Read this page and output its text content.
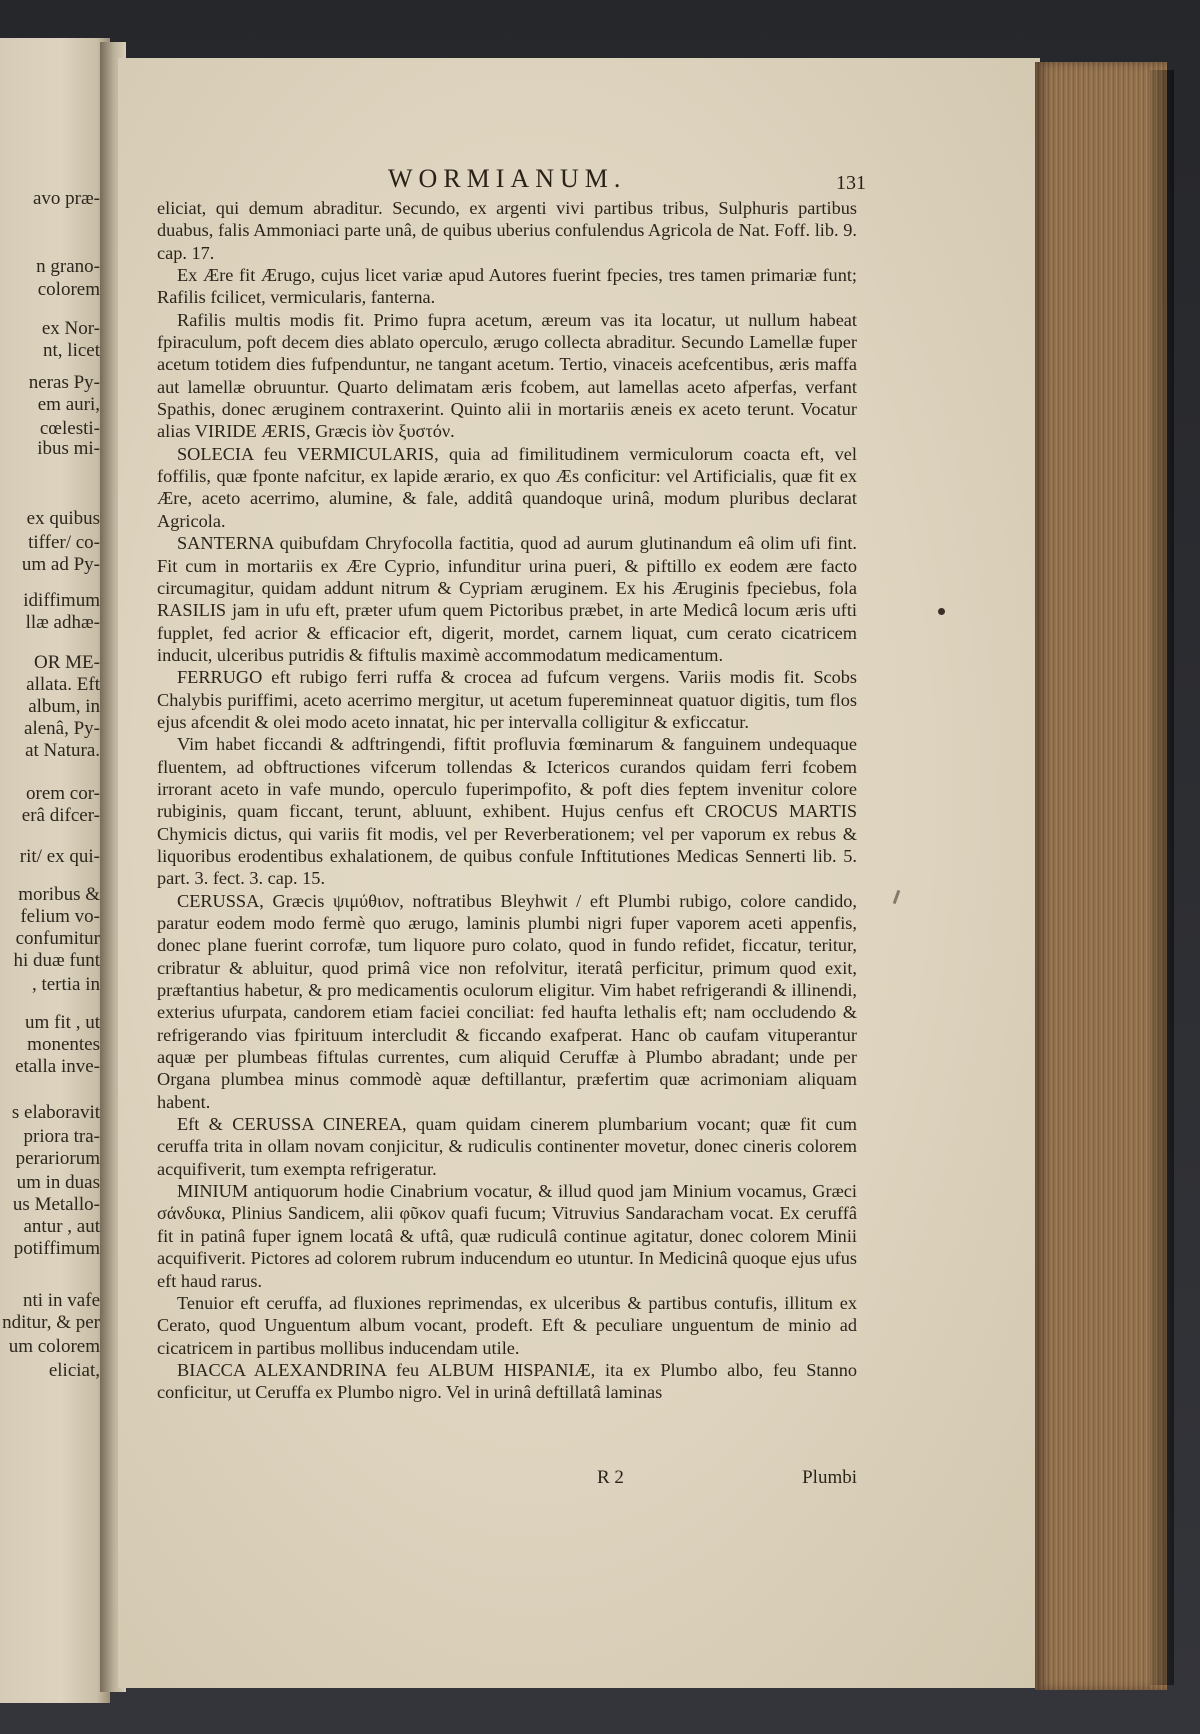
avo præ-
n grano-
colorem
ex Nor-
nt, licet
neras Py-
em auri,
cœlesti-
ibus mi-
ex quibus
tiffer/ co-
um ad Py-
idiffimum
llæ adhæ-
OR ME-
allata. Eft
album, in
alenâ, Py-
at Natura.
orem cor-
erâ difcer-
rit/ ex qui-
moribus &
felium vo-
confumitur
hi duæ funt
, tertia in
um fit , ut
monentes
etalla inve-
s elaboravit
priora tra-
perariorum
um in duas
us Metallo-
antur , aut
potiffimum
nti in vafe
nditur, & per
um colorem
eliciat,
WORMIANUM.	131

eliciat, qui demum abraditur. Secundo, ex argenti vivi partibus tribus, Sulphuris partibus duabus, falis Ammoniaci parte unâ, de quibus uberius confulendus Agricola de Nat. Foff. lib. 9. cap. 17.

Ex Ære fit Ærugo, cujus licet variæ apud Autores fuerint fpecies, tres tamen primariæ funt; Rafilis fcilicet, vermicularis, fanterna.

Rafilis multis modis fit. Primo fupra acetum, æreum vas ita locatur, ut nullum habeat fpiraculum, poft decem dies ablato operculo, ærugo collecta abraditur. Secundo Lamellæ fuper acetum totidem dies fufpenduntur, ne tangant acetum. Tertio, vinaceis acefcentibus, æris maffa aut lamellæ obruuntur. Quarto delimatam æris fcobem, aut lamellas aceto afperfas, verfant Spathis, donec æruginem contraxerint. Quinto alii in mortariis æneis ex aceto terunt. Vocatur alias VIRIDE ÆRIS, Græcis ἰὸν ξυστόν.

SOLECIA feu VERMICULARIS, quia ad fimilitudinem vermiculorum coacta eft, vel foffilis, quæ fponte nafcitur, ex lapide ærario, ex quo Æs conficitur: vel Artificialis, quæ fit ex Ære, aceto acerrimo, alumine, & fale, additâ quandoque urinâ, modum pluribus declarat Agricola.

SANTERNA quibufdam Chryfocolla factitia, quod ad aurum glutinandum eâ olim ufi fint. Fit cum in mortariis ex Ære Cyprio, infunditur urina pueri, & piftillo ex eodem ære facto circumagitur, quidam addunt nitrum & Cypriam æruginem. Ex his Æruginis fpeciebus, fola RASILIS jam in ufu eft, præter ufum quem Pictoribus præbet, in arte Medicâ locum æris ufti fupplet, fed acrior & efficacior eft, digerit, mordet, carnem liquat, cum cerato cicatricem inducit, ulceribus putridis & fiftulis maximè accommodatum medicamentum.

FERRUGO eft rubigo ferri ruffa & crocea ad fufcum vergens. Variis modis fit. Scobs Chalybis puriffimi, aceto acerrimo mergitur, ut acetum fupereminneat quatuor digitis, tum flos ejus afcendit & olei modo aceto innatat, hic per intervalla colligitur & exficcatur.

Vim habet ficcandi & adftringendi, fiftit profluvia fœminarum & fanguinem undequaque fluentem, ad obftructiones vifcerum tollendas & Ictericos curandos quidam ferri fcobem irrorant aceto in vafe mundo, operculo fuperimpofito, & poft dies feptem invenitur colore rubiginis, quam ficcant, terunt, abluunt, exhibent. Hujus cenfus eft CROCUS MARTIS Chymicis dictus, qui variis fit modis, vel per Reverberationem; vel per vaporum ex rebus & liquoribus erodentibus exhalationem, de quibus confule Inftitutiones Medicas Sennerti lib. 5. part. 3. fect. 3. cap. 15.

CERUSSA, Græcis ψιμύθιον, noftratibus Bleyhwit / eft Plumbi rubigo, colore candido, paratur eodem modo fermè quo ærugo, laminis plumbi nigri fuper vaporem aceti appenfis, donec plane fuerint corrofæ, tum liquore puro colato, quod in fundo refidet, ficcatur, teritur, cribratur & abluitur, quod primâ vice non refolvitur, iteratâ perficitur, primum quod exit, præftantius habetur, & pro medicamentis oculorum eligitur. Vim habet refrigerandi & illinendi, exterius ufurpata, candorem etiam faciei conciliat: fed haufta lethalis eft; nam occludendo & refrigerando vias fpirituum intercludit & ficcando exafperat. Hanc ob caufam vituperantur aquæ per plumbeas fiftulas currentes, cum aliquid Ceruffæ à Plumbo abradant; unde per Organa plumbea minus commodè aquæ deftillantur, præfertim quæ acrimoniam aliquam habent.

Eft & CERUSSA CINEREA, quam quidam cinerem plumbarium vocant; quæ fit cum ceruffa trita in ollam novam conjicitur, & rudiculis continenter movetur, donec cineris colorem acquifiverit, tum exempta refrigeratur.

MINIUM antiquorum hodie Cinabrium vocatur, & illud quod jam Minium vocamus, Græci σάνδυκα, Plinius Sandicem, alii φῦκον quafi fucum; Vitruvius Sandaracham vocat. Ex ceruffâ fit in patinâ fuper ignem locatâ & uftâ, quæ rudiculâ continue agitatur, donec colorem Minii acquifiverit. Pictores ad colorem rubrum inducendum eo utuntur. In Medicinâ quoque ejus ufus eft haud rarus.

Tenuior eft ceruffa, ad fluxiones reprimendas, ex ulceribus & partibus contufis, illitum ex Cerato, quod Unguentum album vocant, prodeft. Eft & peculiare unguentum de minio ad cicatricem in partibus mollibus inducendam utile.

BIACCA ALEXANDRINA feu ALBUM HISPANIÆ, ita ex Plumbo albo, feu Stanno conficitur, ut Ceruffa ex Plumbo nigro. Vel in urinâ deftillatâ laminas

R 2	Plumbi
